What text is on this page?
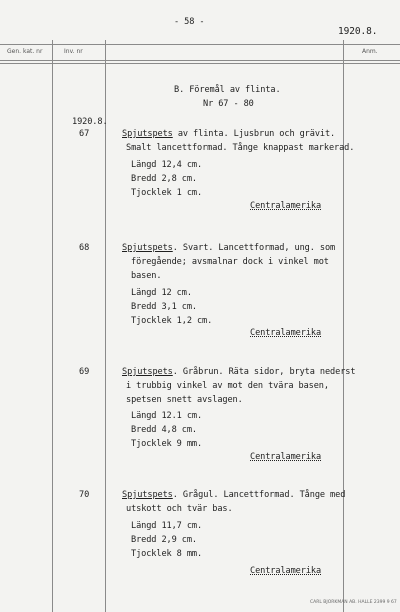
- 58 -
1920.8.
Gen. kat. nr	Inv. nr	Anm.
B. Föremål av flinta.
Nr 67 - 80
1920.8.
67	Spjutspets av flinta. Ljusbrun och grävit.
Smalt lancettformad. Tånge knappast markerad.
Längd 12,4 cm.
Bredd 2,8 cm.
Tjocklek 1 cm.
Centralamerika
68	Spjutspets. Svart. Lancettformad, ung. som
föregående; avsmalnar dock i vinkel mot
basen.
Längd 12 cm.
Bredd 3,1 cm.
Tjocklek 1,2 cm.
Centralamerika
69	Spjutspets. Gråbrun. Räta sidor, bryta nederst
i trubbig vinkel av mot den tvära basen,
spetsen snett avslagen.
Längd 12.1 cm.
Bredd 4,8 cm.
Tjocklek 9 mm.
Centralamerika
70	Spjutspets. Grågul. Lancettformad. Tånge med
utskott och tvär bas.
Längd 11,7 cm.
Bredd 2,9 cm.
Tjocklek 8 mm.
Centralamerika
CARL BJORKMAN AB. HALLE 2399 9 67
